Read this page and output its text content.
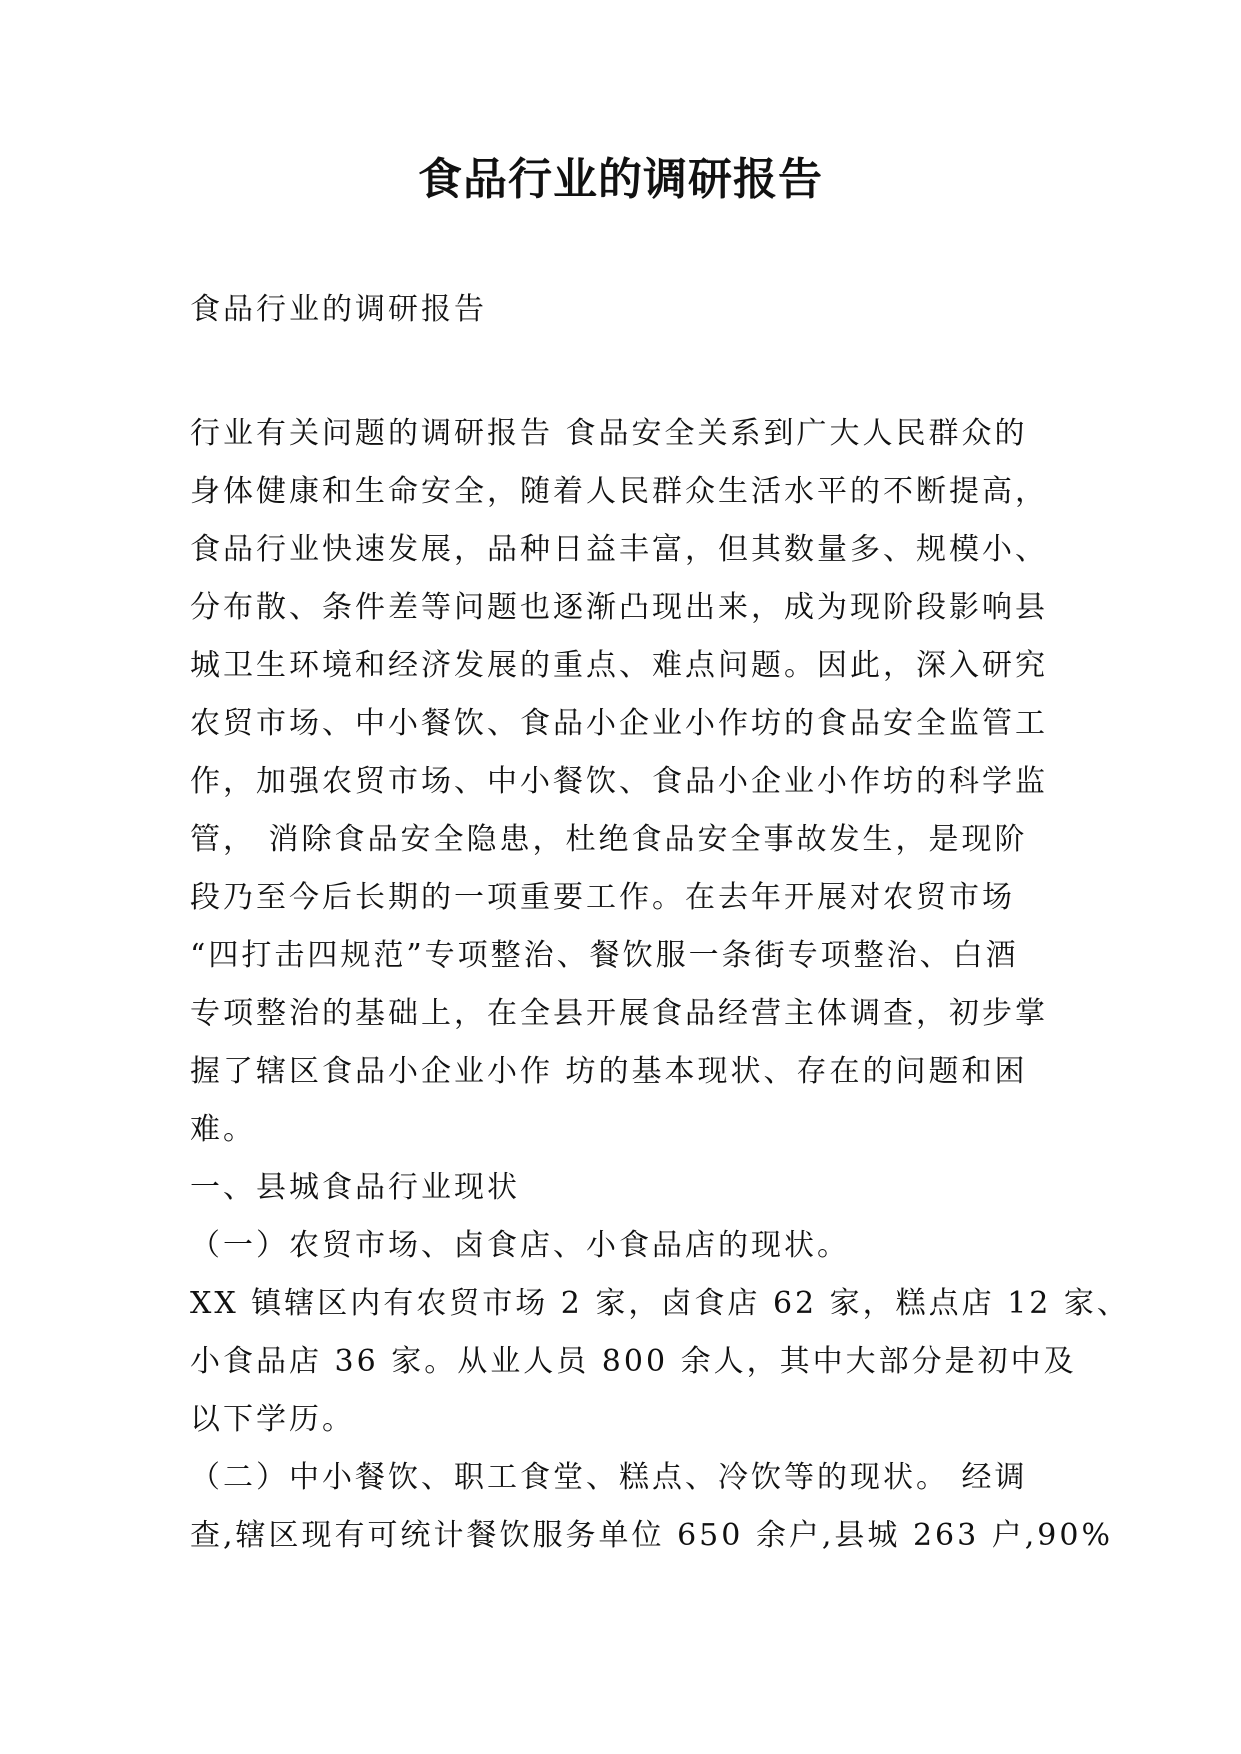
食品行业的调研报告

食品行业的调研报告

行业有关问题的调研报告 食品安全关系到广大人民群众的
身体健康和生命安全，随着人民群众生活水平的不断提高，
食品行业快速发展，品种日益丰富，但其数量多、规模小、
分布散、条件差等问题也逐渐凸现出来，成为现阶段影响县
城卫生环境和经济发展的重点、难点问题。因此，深入研究
农贸市场、中小餐饮、食品小企业小作坊的食品安全监管工
作，加强农贸市场、中小餐饮、食品小企业小作坊的科学监
管， 消除食品安全隐患，杜绝食品安全事故发生，是现阶
段乃至今后长期的一项重要工作。在去年开展对农贸市场
“四打击四规范”专项整治、餐饮服一条街专项整治、白酒
专项整治的基础上，在全县开展食品经营主体调查，初步掌
握了辖区食品小企业小作 坊的基本现状、存在的问题和困
难。
一、县城食品行业现状
（一）农贸市场、卤食店、小食品店的现状。
XX 镇辖区内有农贸市场 2 家，卤食店 62 家，糕点店 12 家、
小食品店 36 家。从业人员 800 余人，其中大部分是初中及
以下学历。
（二）中小餐饮、职工食堂、糕点、冷饮等的现状。 经调
查,辖区现有可统计餐饮服务单位 650 余户,县城 263 户,90%
